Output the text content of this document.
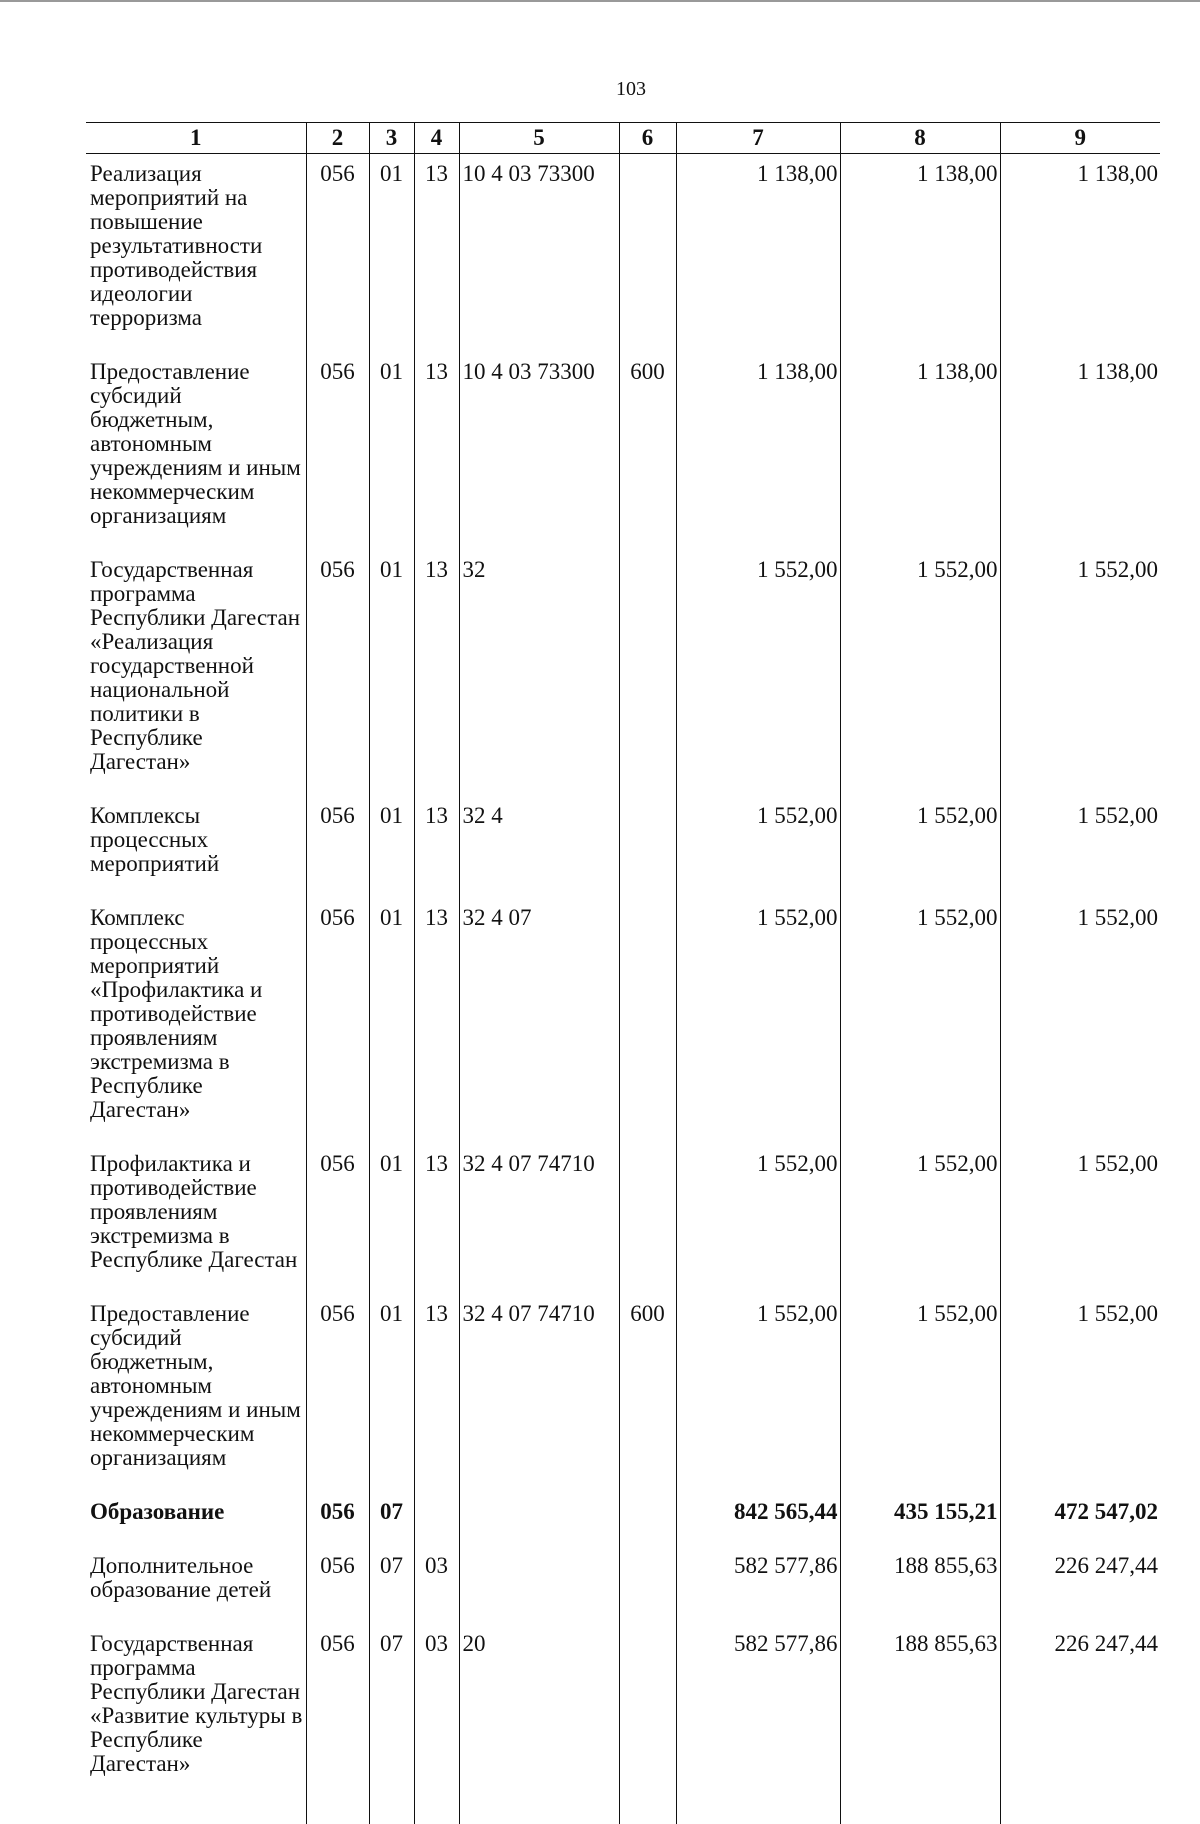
103
1	2	3	4	5	6	7	8	9
Реализация мероприятий на повышение результативности противодействия идеологии терроризма	056	01	13	10 4 03 73300		1 138,00	1 138,00	1 138,00
Предоставление субсидий бюджетным, автономным учреждениям и иным некоммерческим организациям	056	01	13	10 4 03 73300	600	1 138,00	1 138,00	1 138,00
Государственная программа Республики Дагестан «Реализация государственной национальной политики в Республике Дагестан»	056	01	13	32		1 552,00	1 552,00	1 552,00
Комплексы процессных мероприятий	056	01	13	32 4		1 552,00	1 552,00	1 552,00
Комплекс процессных мероприятий «Профилактика и противодействие проявлениям экстремизма в Республике Дагестан»	056	01	13	32 4 07		1 552,00	1 552,00	1 552,00
Профилактика и противодействие проявлениям экстремизма в Республике Дагестан	056	01	13	32 4 07 74710		1 552,00	1 552,00	1 552,00
Предоставление субсидий бюджетным, автономным учреждениям и иным некоммерческим организациям	056	01	13	32 4 07 74710	600	1 552,00	1 552,00	1 552,00
Образование	056	07				842 565,44	435 155,21	472 547,02
Дополнительное образование детей	056	07	03			582 577,86	188 855,63	226 247,44
Государственная программа Республики Дагестан «Развитие культуры в Республике Дагестан»	056	07	03	20		582 577,86	188 855,63	226 247,44
